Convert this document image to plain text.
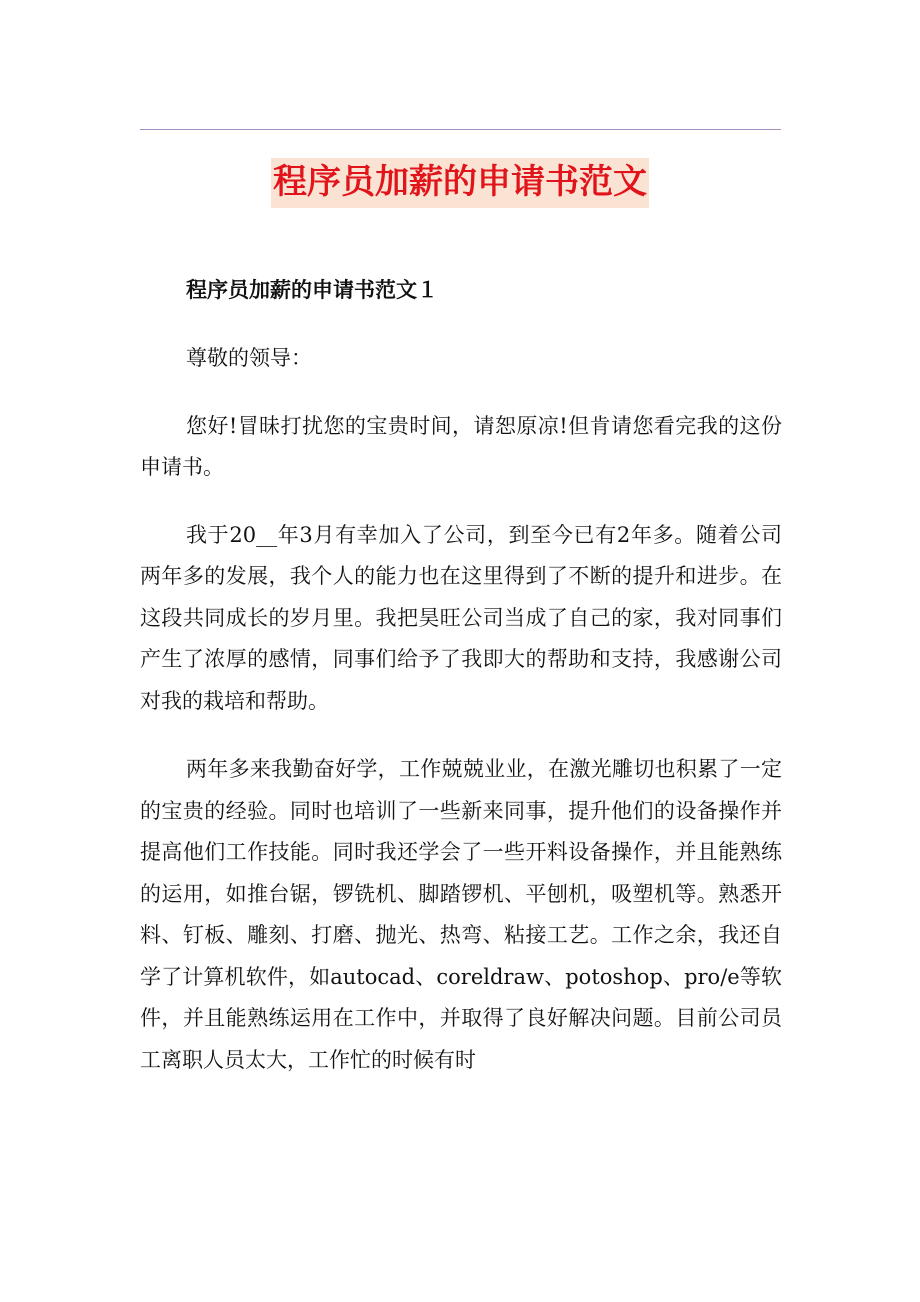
程序员加薪的申请书范文

程序员加薪的申请书范文１

尊敬的领导：

您好!冒昧打扰您的宝贵时间，请恕原凉!但肯请您看完我的这份申请书。

我于20__年3月有幸加入了公司，到至今已有2年多。随着公司两年多的发展，我个人的能力也在这里得到了不断的提升和进步。在这段共同成长的岁月里。我把昊旺公司当成了自己的家，我对同事们产生了浓厚的感情，同事们给予了我即大的帮助和支持，我感谢公司对我的栽培和帮助。

两年多来我勤奋好学，工作兢兢业业，在激光雕切也积累了一定的宝贵的经验。同时也培训了一些新来同事，提升他们的设备操作并提高他们工作技能。同时我还学会了一些开料设备操作，并且能熟练的运用，如推台锯，锣铣机、脚踏锣机、平刨机，吸塑机等。熟悉开料、钉板、雕刻、打磨、抛光、热弯、粘接工艺。工作之余，我还自学了计算机软件，如autocad、coreldraw、potoshop、pro/e等软件，并且能熟练运用在工作中，并取得了良好解决问题。目前公司员工离职人员太大，工作忙的时候有时
